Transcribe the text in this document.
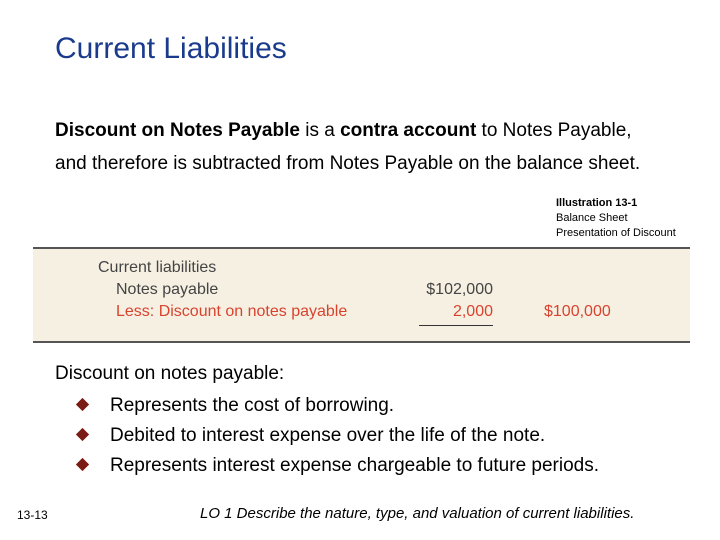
Current Liabilities
Discount on Notes Payable is a contra account to Notes Payable, and therefore is subtracted from Notes Payable on the balance sheet.
Illustration 13-1
Balance Sheet
Presentation of Discount
Current liabilities
Notes payable	$102,000
Less: Discount on notes payable	2,000	$100,000
Discount on notes payable:
Represents the cost of borrowing.
Debited to interest expense over the life of the note.
Represents interest expense chargeable to future periods.
13-13	LO 1 Describe the nature, type, and valuation of current liabilities.
